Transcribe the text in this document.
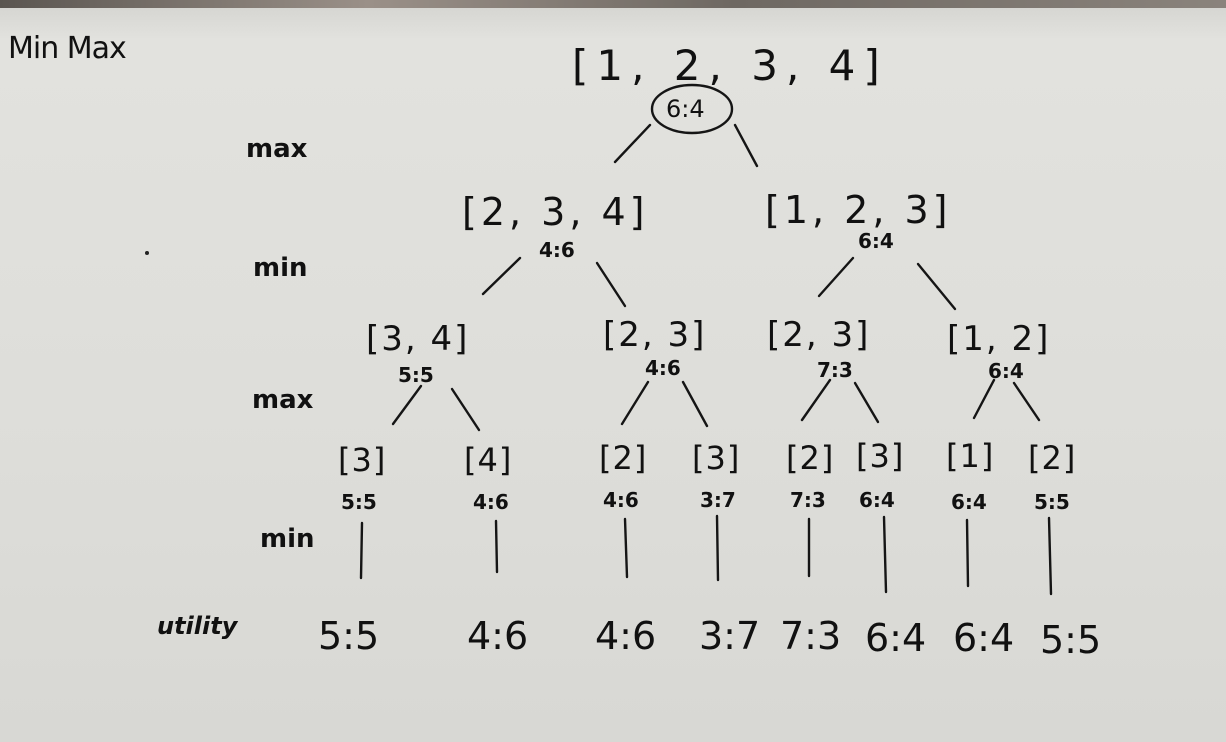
Min Max
max
min
max
min
utility
[1, 2, 3, 4]
6:4
[2, 3, 4]
4:6
[1, 2, 3]
6:4
[3, 4]
5:5
[2, 3]
4:6
[2, 3]
7:3
[1, 2]
6:4
[3]
5:5
[4]
4:6
[2]
4:6
[3]
3:7
[2]
7:3
[3]
6:4
[1]
6:4
[2]
5:5
5:5 4:6 4:6 3:7 7:3 6:4 6:4 5:5
